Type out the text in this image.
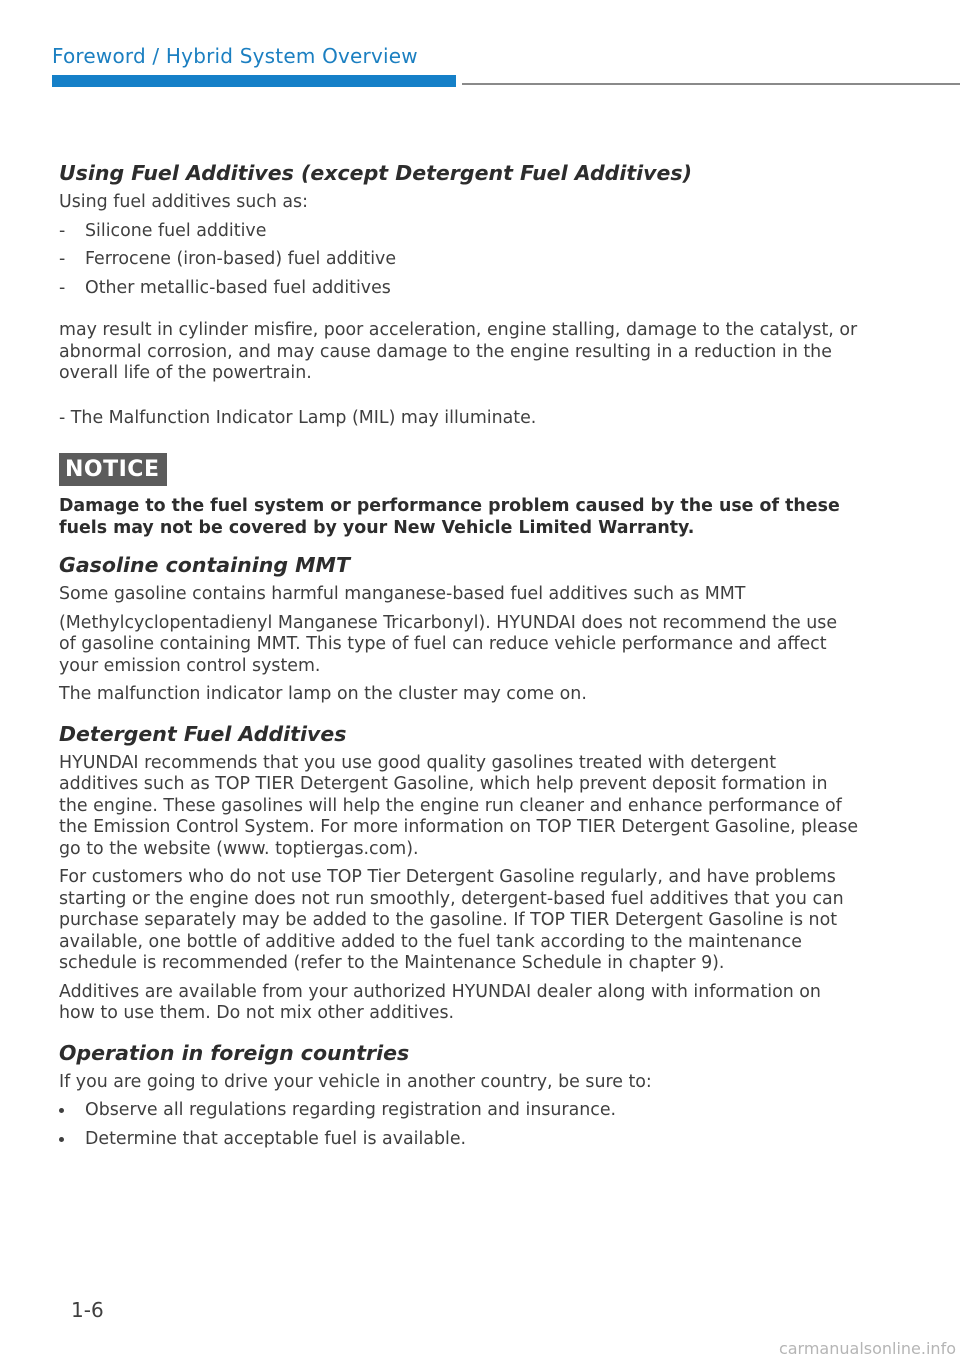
Foreword / Hybrid System Overview
Using Fuel Additives (except Detergent Fuel Additives)

Using fuel additives such as:

-	Silicone fuel additive
-	Ferrocene (iron-based) fuel additive
-	Other metallic-based fuel additives

may result in cylinder misfire, poor acceleration, engine stalling, damage to the catalyst, or abnormal corrosion, and may cause damage to the engine resulting in a reduction in the overall life of the powertrain.

- The Malfunction Indicator Lamp (MIL) may illuminate.

NOTICE

Damage to the fuel system or performance problem caused by the use of these fuels may not be covered by your New Vehicle Limited Warranty.

Gasoline containing MMT

Some gasoline contains harmful manganese-based fuel additives such as MMT

(Methylcyclopentadienyl Manganese Tricarbonyl). HYUNDAI does not recommend the use of gasoline containing MMT. This type of fuel can reduce vehicle performance and affect your emission control system.

The malfunction indicator lamp on the cluster may come on.

Detergent Fuel Additives

HYUNDAI recommends that you use good quality gasolines treated with detergent additives such as TOP TIER Detergent Gasoline, which help prevent deposit formation in the engine. These gasolines will help the engine run cleaner and enhance performance of the Emission Control System. For more information on TOP TIER Detergent Gasoline, please go to the website (www. toptiergas.com).

For customers who do not use TOP Tier Detergent Gasoline regularly, and have problems starting or the engine does not run smoothly, detergent-based fuel additives that you can purchase separately may be added to the gasoline. If TOP TIER Detergent Gasoline is not available, one bottle of additive added to the fuel tank according to the maintenance schedule is recommended (refer to the Maintenance Schedule in chapter 9).

Additives are available from your authorized HYUNDAI dealer along with information on how to use them. Do not mix other additives.

Operation in foreign countries

If you are going to drive your vehicle in another country, be sure to:

Observe all regulations regarding registration and insurance.
Determine that acceptable fuel is available.
1-6
carmanualsonline.info
